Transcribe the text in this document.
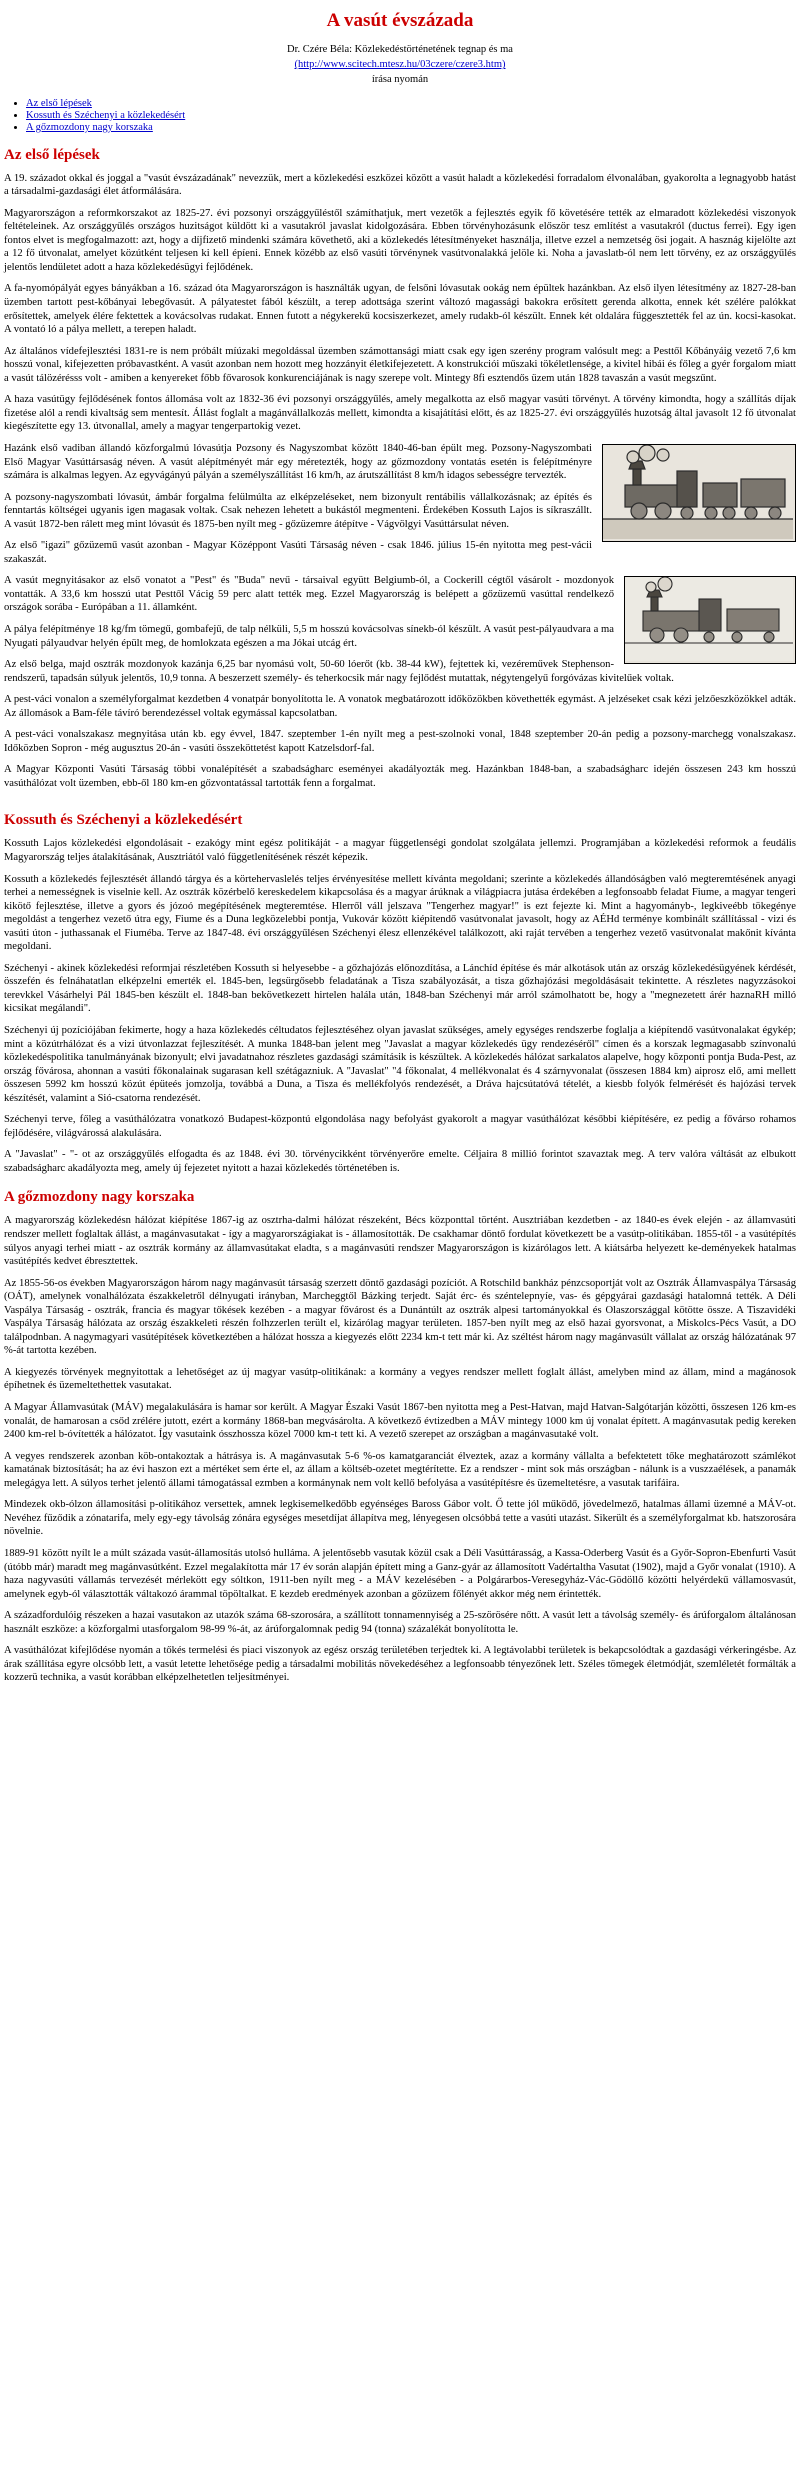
A vasút évszázada
Dr. Czére Béla: Közlekedéstörténetének tegnap és ma
(http://www.scitech.mtesz.hu/03czere/czere3.htm)
írása nyomán
• Az első lépések
• Kossuth és Széchenyi a közlekedésért
• A gőzmozdony nagy korszaka
Az első lépések

A 19. századot okkal és joggal a "vasút évszázadának" nevezzük, mert a közlekedési eszközei között a vasút haladt a közlekedési forradalom élvonalában, gyakorolta a legnagyobb hatást a társadalmi-gazdasági élet átformálására.

Magyarországon a reformkorszakot az 1825-27. évi pozsonyi országgyűléstől számíthatjuk, mert vezetők a fejlesztés egyik fő követésére tették az elmaradott közlekedési viszonyok feltételeinek. Az országgyűlés országos huzitságot küldött ki a vasutakról javaslat kidolgozására. Ebben törvényhozásunk először tesz említést a vasutakról (ductus ferrei). Egy igen fontos elvet is megfogalmazott: azt, hogy a díjfizető mindenki számára követhető, aki a közlekedés létesítményeket használja, illetve ezzel a nemzetség ösi jogait. A hasznág kijelölte azt a 12 fő útvonalat, amelyet közútként teljesen ki kell épíeni. Ennek közébb az első vasúti törvénynek vasútvonalakká jelöle ki. Noha a javaslatb-ól nem lett törvény, ez az országgyűlés jelentős lendületet adott a haza közlekedésügyi fejlődének.

A fa-nyomópályát egyes bányákban a 16. század óta Magyarországon is használták ugyan, de felsőni lóvasutak ookág nem épültek hazánkban. Az első ilyen létesítmény az 1827-28-ban üzemben tartott pest-kőbányai lebegővasút. A pályatestet fából készült, a terep adottsága szerint változó magassági bakokra erősített gerenda alkotta, ennek két szélére palókkat erősítettek, amelyek élére fektettek a kovácsolvas rudakat. Ennen futott a négykerekű kocsiszerkezet, amely rudakb-ól készült. Ennek két oldalára függesztették fel az ún. kocsi-kasokat. A vontató ló a pálya mellett, a terepen haladt.

Az általános vídefejlesztési 1831-re is nem próbált míúzaki megoldással üzemben számottansági miatt csak egy igen szerény program valósult meg: a Pesttől Kőbányáig vezető 7,6 km hosszú vonal, kifejezetten próbavastként. A vasút azonban nem hozott meg hozzányit életkifejezetett. A konstrukciói műszaki tökéletlensége, a kivitel hibái és főleg a gyér forgalom miatt a vasút tálözérésss volt - amiben a kenyereket főbb fővarosok konkurenciájának is nagy szerepe volt. Mintegy 8fi esztendős üzem után 1828 tavaszán a vasút megszűnt.

A haza vasútügy fejlődésének fontos állomása volt az 1832-36 évi pozsonyi országgyűlés, amely megalkotta az első magyar vasúti törvényt. A törvény kimondta, hogy a szállítás díjak fizetése alól a rendi kivaltság sem mentesít. Állást foglalt a magánvállalkozás mellett, kimondta a kisajátítási előtt, és az 1825-27. évi országgyűlés huzotság által javasolt 12 fő útvonalat kiegészítette egy 13. útvonallal, amely a magyar tengerpartokig vezet.

Hazánk első vadiban állandó közforgalmú lóvasútja Pozsony és Nagyszombat között 1840-46-ban épült meg. Pozsony-Nagyszombati Első Magyar Vasúttársaság néven. A vasút alépítményét már egy méretezték, hogy az gőzmozdony vontatás esetén is felépítményre számára is alkalmas legyen. Az egyvágányú pályán a személyszállítást 16 km/h, az árutszállítást 8 km/h idagos sebességre tervezték.

A pozsony-nagyszombati lóvasút, ámbár forgalma felülmúlta az elképzeléseket, nem bizonyult rentábilis vállalkozásnak; az építés és fenntartás költségei ugyanis igen magasak voltak. Csak nehezen lehetett a bukástól megmenteni. Érdekében Kossuth Lajos is síkraszállt. A vasút 1872-ben rálett meg mint lóvasút és 1875-ben nyílt meg - gőzüzemre átépítve - Vágvölgyi Vasúttársulat néven.

Az első "igazi" gőzüzemű vasút azonban - Magyar Középpont Vasúti Társaság néven - csak 1846. július 15-én nyitotta meg pest-vácii szakaszát.

A vasút megnyitásakor az első vonatot a "Pest" és "Buda" nevű - társaival együtt Belgiumb-ól, a Cockerill cégtől vásárolt - mozdonyok vontatták. A 33,6 km hosszú utat Pesttől Vácig 59 perc alatt tették meg. Ezzel Magyarország is belépett a gőzüzemű vasúttal rendelkező országok sorába - Európában a 11. államként.

A pálya felépítménye 18 kg/fm tömegű, gombafejű, de talp nélküli, 5,5 m hosszú kovácsolvas sínekb-ól készült. A vasút pest-pályaudvara a ma Nyugati pályaudvar helyén épült meg, de homlokzata egészen a ma Jókai utcág ért.

Az első belga, majd osztrák mozdonyok kazánja 6,25 bar nyomású volt, 50-60 lóerőt (kb. 38-44 kW), fejtettek ki, vezéreművek Stephenson-rendszerű, tapadsán súlyuk jelentős, 10,9 tonna. A beszerzett személy- és teherkocsik már nagy fejlődést mutattak, négytengelyű forgóvázas kivitelűek voltak.

A pest-váci vonalon a személyforgalmat kezdetben 4 vonatpár bonyolította le. A vonatok megbatározott időközökben követhették egymást. A jelzéseket csak kézi jelzőeszközökkel adták. Az állomások a Bam-féle távíró berendezéssel voltak egymással kapcsolatban.

A pest-váci vonalszakasz megnyitása után kb. egy évvel, 1847. szeptember 1-én nyílt meg a pest-szolnoki vonal, 1848 szeptember 20-án pedig a pozsony-marchegg vonalszakasz. Időközben Sopron - még augusztus 20-án - vasúti összeköttetést kapott Katzelsdorf-fal.

A Magyar Központi Vasúti Társaság többi vonalépítését a szabadságharc eseményei akadályozták meg. Hazánkban 1848-ban, a szabadságharc idején összesen 243 km hosszú vasúthálózat volt üzemben, ebb-ől 180 km-en gőzvontatással tartották fenn a forgalmat.

Kossuth és Széchenyi a közlekedésért

Kossuth Lajos közlekedési elgondolásait - ezakógy mint egész politikáját - a magyar függetlenségi gondolat szolgálata jellemzi. Programjában a közlekedési reformok a feudális Magyarország teljes átalakításának, Ausztriától való függetlenítésének részét képezik.

Kossuth a közlekedés fejlesztését állandó tárgya és a körtehervaslelés teljes érvényesítése mellett kívánta megoldani; szerinte a közlekedés állandóságben való megteremtésének anyagi terhei a nemességnek is viselnie kell. Az osztrák közérbelő kereskedelem kikapcsolása és a magyar árúknak a világpiacra jutása érdekében a legfonsoabb feladat Fiume, a magyar tengeri kikötő fejlesztése, illetve a gyors és józoó megépítésének megteremtése. Hlerről váll jelszava "Tengerhez magyar!" is ezt fejezte ki. Mint a hagyományb-, legkiveébb tökegénye megoldást a tengerhez vezető útra egy, Fiume és a Duna legközelebbi pontja, Vukovár között kiépitendő vasútvonalat javasolt, hogy az AÉHd terménye kombinált szállítással - vizi és vasúti úton - juthassanak el Fiuméba. Terve az 1847-48. évi országgyűlésen Széchenyi élesz ellenzékével találkozott, aki raját tervében a tengerhez vezető vasútvonalat makőnit kívánta megoldani.

Széchenyi - akinek közlekedési reformjai részletében Kossuth si helyesebbe - a gőzhajózás előnozdítása, a Lánchíd építése és már alkotások után az ország közlekedésügyének kérdését, összefén és felnáhatatlan elképzelni emerték el. 1845-ben, legsürgősebb feladatának a Tisza szabályozását, a tisza gőzhajózási megoldásásait tekintette. A részletes nagyzzásokoi terevkkel Vásárhelyi Pál 1845-ben készült el. 1848-ban bekövetkezett hirtelen halála után, 1848-ban Széchenyi már arról számolhatott be, hogy a "megnezetett árér haznaRH milló kicsikat megálandi".

Széchenyi új pozíciójában fekimerte, hogy a haza közlekedés céltudatos fejlesztéséhez olyan javaslat szükséges, amely egységes rendszerbe foglalja a kiépítendő vasútvonalakat égykép; mint a közútrhálózat és a vizi útvonlazzat fejleszítését. A munka 1848-ban jelent meg "Javaslat a magyar közlekedés ügy rendezéséről" címen és a korszak legmagasabb színvonalú közlekedéspolitika tanulmányának bizonyult; elvi javadatnahoz részletes gazdasági számításik is készültek. A közlekedés hálózat sarkalatos alapelve, hogy központi pontja Buda-Pest, az ország fővárosa, ahonnan a vasúti főkonalainak sugarasan kell szétágazniuk. A "Javaslat" "4 főkonalat, 4 mellékvonalat és 4 szárnyvonalat (összesen 1884 km) aiprosz elő, ami mellett összesen 5992 km hosszú közút épüteés jomzolja, továbbá a Duna, a Tisza és mellékfolyós rendezését, a Dráva hajcsútatóvá tételét, a kiesbb folyók felmérését és hajózási tervek készítését, valamint a Sió-csatorna rendezését.

Széchenyi terve, főleg a vasúthálózatra vonatkozó Budapest-központú elgondolása nagy befolyást gyakorolt a magyar vasúthálózat későbbi kiépítésére, ez pedig a fővárso rohamos fejlődésére, világvárossá alakulására.

A "Javaslat" - "- ot az országgyűlés elfogadta és az 1848. évi 30. törvénycikként törvényerőre emelte. Céljaira 8 millió forintot szavaztak meg. A terv valóra váltását az elbukott szabadságharc akadályozta meg, amely új fejezetet nyitott a hazai közlekedés történetében is.

A gőzmozdony nagy korszaka

A magyarország közlekedésn hálózat kiépítése 1867-ig az osztrha-dalmi hálózat részeként, Bécs központtal történt. Ausztriában kezdetben - az 1840-es évek elején - az államvasúti rendszer mellett foglaltak állást, a magánvasutakat - így a magyarországiakat is - államosították. De csakhamar döntő fordulat következett be a vasútp-olitikában. 1855-től - a vasútépítés súlyos anyagi terhei miatt - az osztrák kormány az államvasútakat eladta, s a magánvasúti rendszer Magyarországon is kizárólagos lett. A kiátsárba helyezett ke-deményekek hatalmas vasútépítés kedvet ébresztettek.

Az 1855-56-os években Magyarországon három nagy magánvasút társaság szerzett döntő gazdasági pozíciót. A Rotschild bankház pénzcsoportját volt az Osztrák Államvaspálya Társaság (OÁT), amelynek vonalhálózata északkeletről délnyugati irányban, Marcheggtől Bázking terjedt. Saját érc- és széntelepnyíe, vas- és gépgyárai gazdasági hatalomná tették. A Déli Vaspálya Társaság - osztrák, francia és magyar tőkések kezében - a magyar fővárost és a Dunántúlt az osztrák alpesi tartományokkal és Olaszországgal kötötte össze. A Tiszavidéki Vaspálya Társaság hálózata az ország északkeleti részén folhzzerlen terült el, kizárólag magyar területen. 1857-ben nyílt meg az első hazai gyorsvonat, a Miskolcs-Pécs Vasút, a DO találpodnban. A nagymagyari vasútépítések következtében a hálózat hossza a kiegyezés előtt 2234 km-t tett már ki. Az széltést három nagy magánvasúlt vállalat az ország hálózatának 97 %-át tartotta kezében.

A kiegyezés törvények megnyitottak a lehetőséget az új magyar vasútp-olitikának: a kormány a vegyes rendszer mellett foglalt állást, amelyben mind az állam, mind a magánosok épíhetnek és üzemeltethettek vasutakat.

A Magyar Államvasútak (MÁV) megalakulására is hamar sor került. A Magyar Északi Vasút 1867-ben nyitotta meg a Pest-Hatvan, majd Hatvan-Salgótarján közötti, összesen 126 km-es vonalát, de hamarosan a csőd zrélére jutott, ezért a kormány 1868-ban megvásárolta. A következő évtizedben a MÁV mintegy 1000 km új vonalat épített. A magánvasutak pedig kereken 2400 km-rel b-óvítették a hálózatot. Így vasutaink ósszhossza közel 7000 km-t tett ki. A vezető szerepet az országban a magánvasutaké volt.

A vegyes rendszerek azonban köb-ontakoztak a hátrásya is. A magánvasutak 5-6 %-os kamatgaranciát élveztek, azaz a kormány vállalta a befektetett tőke meghatározott számlékot kamatának biztosítását; ha az évi haszon ezt a mértéket sem érte el, az állam a költséb-ozetet megtérítette. Ez a rendszer - mint sok más országban - nálunk is a vuszzaélések, a panamák melegágya lett. A súlyos terhet jelentő állami támogatással ezmben a kormánynak nem volt kellő befolyása a vasútépítésre és üzemeltetésre, a vasutak tarifáira.

Mindezek okb-ólzon államosítási p-olitikához versettek, amnek legkisemelkedőbb egyénséges Baross Gábor volt. Ő tette jól működő, jövedelmező, hatalmas állami üzemné a MÁV-ot. Nevéhez fűződik a zónatarifa, mely egy-egy távolság zónára egységes mesetdíjat állapítva meg, lényegesen olcsóbbá tette a vasúti utazást. Sikerült és a személyforgalmat kb. hatszorosára növelnie.

1889-91 között nyílt le a múlt százada vasút-államosítás utolsó hullámа. A jelentősebb vasutak közül csak a Déli Vasúttárasság, a Kassa-Oderberg Vasút és a Győr-Sopron-Ebenfurti Vasút (útóbb már) maradt meg magánvasútként. Ezzel megalakította már 17 év során alapján épített ming a Ganz-gyár az államosított Vadértaltha Vasutat (1902), majd a Győr vonalat (1910). A haza nagyvasúti vállamás tervezését mérlekött egy sóltkon, 1911-ben nyílt meg - a MÁV kezelésében - a Polgárarbos-Veresegyház-Vác-Gödöllő közötti helyérdekű vállamosvasút, amelynek egyb-ól választották váltakozó árammal töpöltalkat. E kezdeb eredmények azonban a gözüzem főlényét akkor még nem érintették.

A századfordulóig részeken a hazai vasutakon az utazók száma 68-szorosára, a szállított tonnamennyiség a 25-szörösére nőtt. A vasút lett a távolság személy- és árúforgalom általánosan használt eszköze: a közforgalmi utasforgalom 98-99 %-át, az árúforgalomnak pedig 94 (tonna) százalékát bonyolította le.

A vasúthálózat kifejlődése nyomán a tőkés termelési és piaci viszonyok az egész ország területében terjedtek ki. A legtávolabbi területek is bekapcsolódtak a gazdasági vérkeringésbe. Az árak szállítása egyre olcsóbb lett, a vasút letette lehetősége pedig a társadalmi mobilitás növekedéséhez a legfonsoabb tényezőnek lett. Széles tömegek életmódját, szemléletét formálták a kozzerü technika, a vasút korábban elképzelhetetlen teljesítményei.
